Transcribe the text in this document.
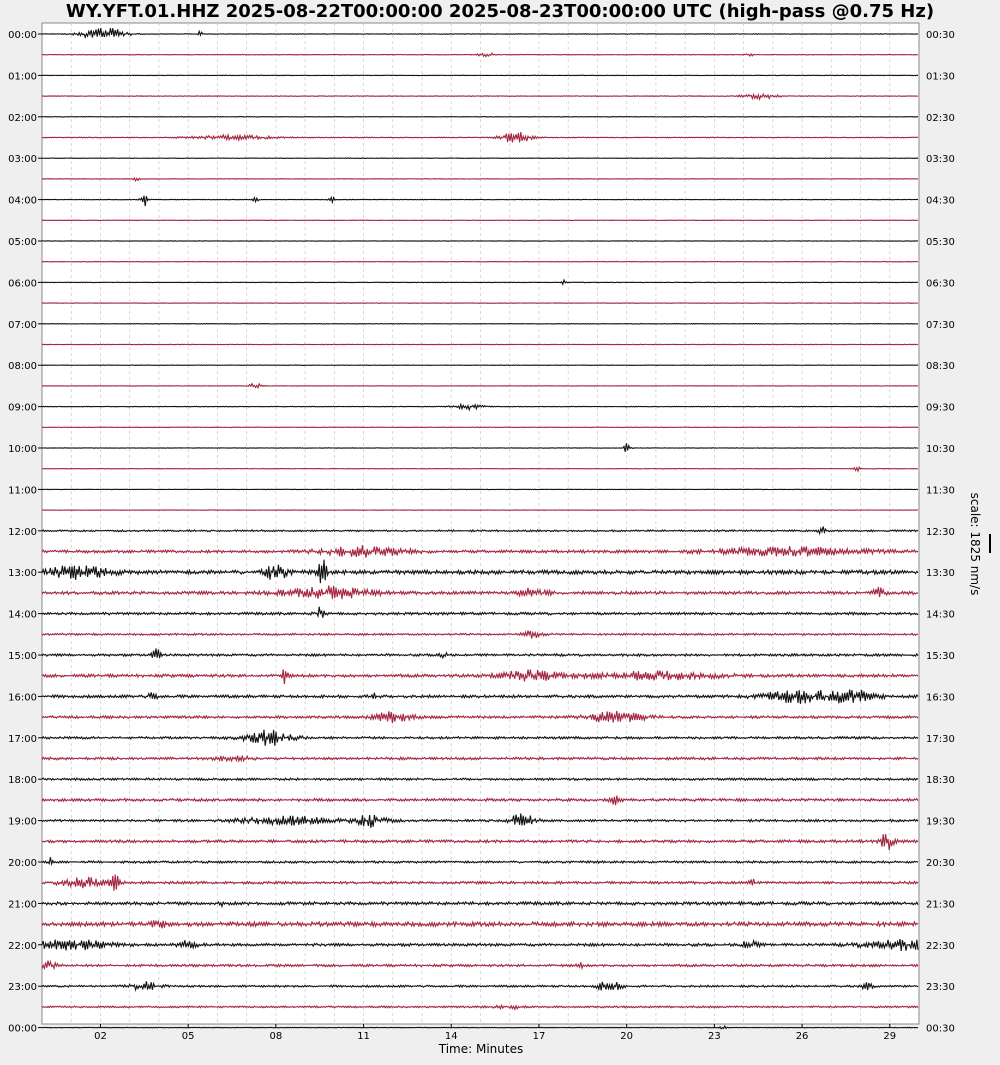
WY.YFT.01.HHZ 2025-08-22T00:00:00 2025-08-23T00:00:00 UTC (high-pass @0.75 Hz)
00:00
01:00
02:00
03:00
04:00
05:00
06:00
07:00
08:00
09:00
10:00
11:00
12:00
13:00
14:00
15:00
16:00
17:00
18:00
19:00
20:00
21:00
22:00
23:00
00:00
00:30
01:30
02:30
03:30
04:30
05:30
06:30
07:30
08:30
09:30
10:30
11:30
12:30
13:30
14:30
15:30
16:30
17:30
18:30
19:30
20:30
21:30
22:30
23:30
00:30
02	05	08	11	14	17	20	23	26	29
Time: Minutes
scale: 1825 nm/s
